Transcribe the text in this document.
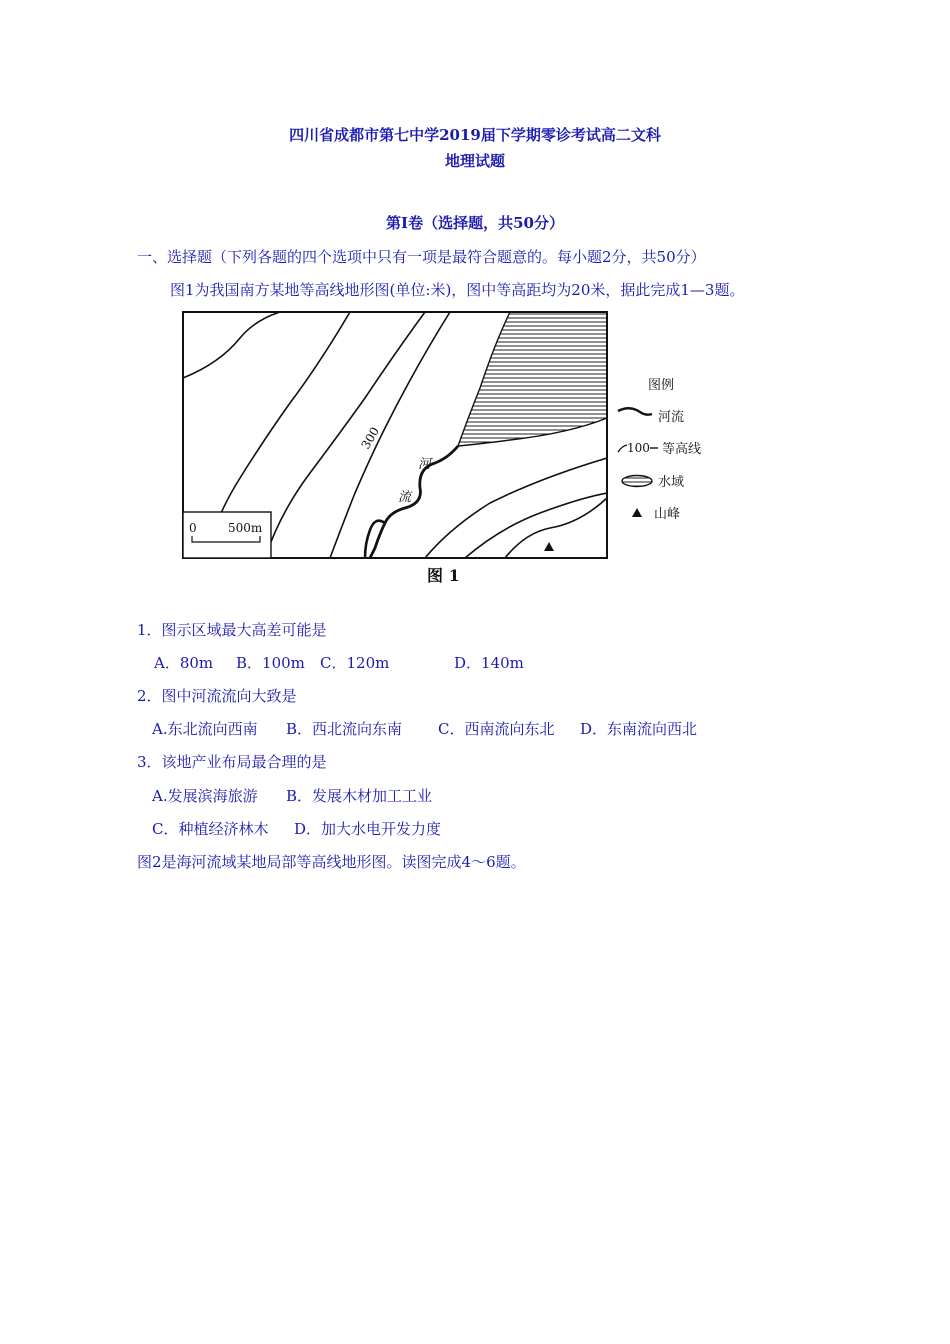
四川省成都市第七中学2019届下学期零诊考试高二文科
地理试题
第Ⅰ卷（选择题，共50分）
一、选择题（下列各题的四个选项中只有一项是最符合题意的。每小题2分，共50分）
图1为我国南方某地等高线地形图(单位:米)，图中等高距均为20米，据此完成1—3题。
300
河
流
0	500m
图例
河流
100 等高线
水域
山峰
图 1
1．图示区域最大高差可能是
A．80m B．100m C．120m	D．140m
2．图中河流流向大致是
A.东北流向西南 B．西北流向东南 C．西南流向东北 D．东南流向西北
3．该地产业布局最合理的是
A.发展滨海旅游 B．发展木材加工工业
C．种植经济林木 D．加大水电开发力度
图2是海河流域某地局部等高线地形图。读图完成4～6题。
